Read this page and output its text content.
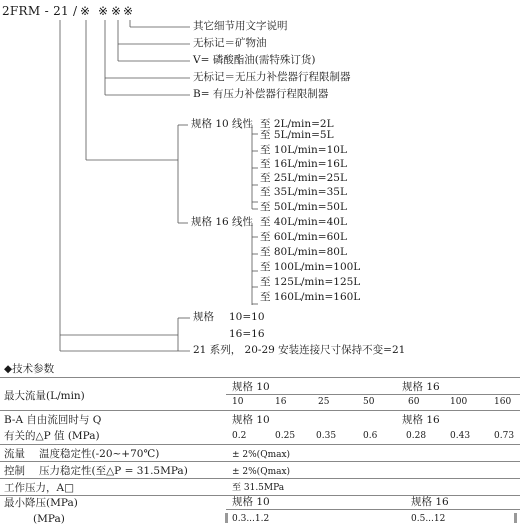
2FRM - 21 / ※ ※ ※ ※
其它细节用文字说明
无标记＝矿物油
V= 磷酸酯油(需特殊订货)
无标记＝无压力补偿器行程限制器
B= 有压力补偿器行程限制器
规格 10 线性 至 2L/min=2L
至 5L/min=5L
至 10L/min=10L
至 16L/min=16L
至 25L/min=25L
至 35L/min=35L
至 50L/min=50L
规格 16 线性 至 40L/min=40L
至 60L/min=60L
至 80L/min=80L
至 100L/min=100L
至 125L/min=125L
至 160L/min=160L
规格 10=10
16=16
21 系列， 20-29 安装连接尺寸保持不变=21
◆技术参数
最大流量(L/min)
规格 10	规格 16
10	16	25	50	60	100	160
B-A 自由流回时与 Q	规格 10	规格 16
有关的△P 值 (MPa)	0.2	0.25 0.35	0.6	0.28	0.43	0.73
流量 温度稳定性(-20~+70℃)	± 2%(Qmax)
控制 压力稳定性(至△P = 31.5MPa)	± 2%(Qmax)
工作压力，A□	至 31.5MPa
最小降压(MPa)	规格 10	规格 16
(MPa)	0.3...1.2	0.5...12
